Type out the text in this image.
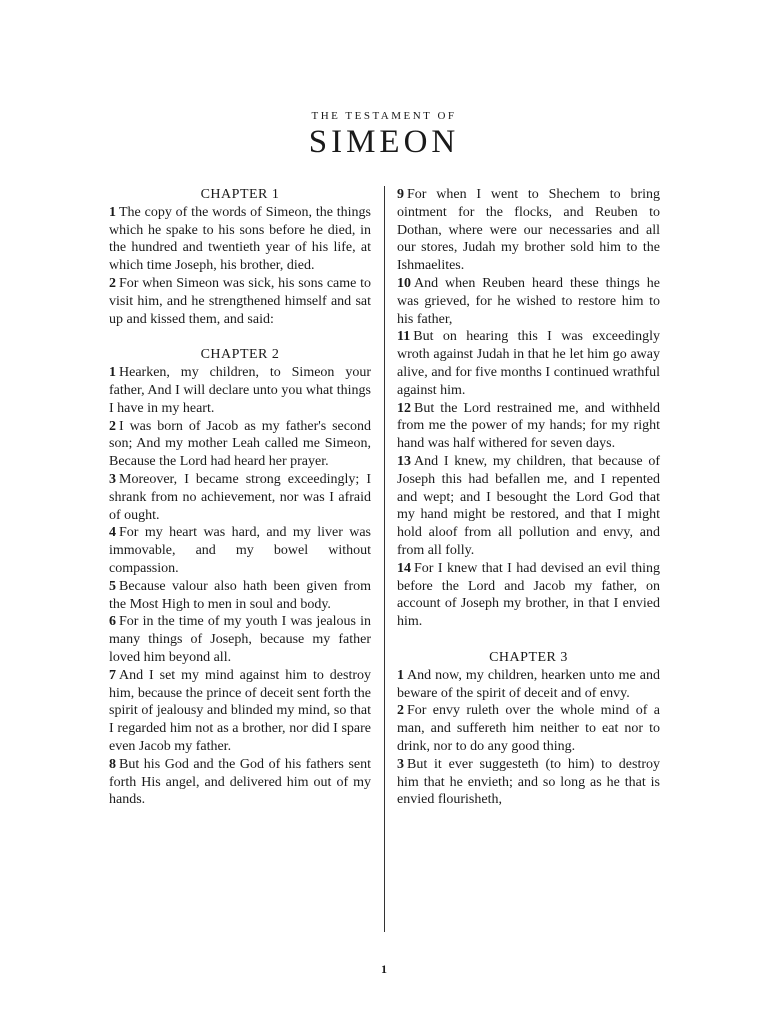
THE TESTAMENT OF
SIMEON

CHAPTER 1

1 The copy of the words of Simeon, the things which he spake to his sons before he died, in the hundred and twentieth year of his life, at which time Joseph, his brother, died.

2 For when Simeon was sick, his sons came to visit him, and he strengthened himself and sat up and kissed them, and said:

CHAPTER 2

1 Hearken, my children, to Simeon your father, And I will declare unto you what things I have in my heart.

2 I was born of Jacob as my father's second son; And my mother Leah called me Simeon, Because the Lord had heard her prayer.

3 Moreover, I became strong exceedingly; I shrank from no achievement, nor was I afraid of ought.

4 For my heart was hard, and my liver was immovable, and my bowel without compassion.

5 Because valour also hath been given from the Most High to men in soul and body.

6 For in the time of my youth I was jealous in many things of Joseph, because my father loved him beyond all.

7 And I set my mind against him to destroy him, because the prince of deceit sent forth the spirit of jealousy and blinded my mind, so that I regarded him not as a brother, nor did I spare even Jacob my father.

8 But his God and the God of his fathers sent forth His angel, and delivered him out of my hands.

9 For when I went to Shechem to bring ointment for the flocks, and Reuben to Dothan, where were our necessaries and all our stores, Judah my brother sold him to the Ishmaelites.

10 And when Reuben heard these things he was grieved, for he wished to restore him to his father,

11 But on hearing this I was exceedingly wroth against Judah in that he let him go away alive, and for five months I continued wrathful against him.

12 But the Lord restrained me, and withheld from me the power of my hands; for my right hand was half withered for seven days.

13 And I knew, my children, that because of Joseph this had befallen me, and I repented and wept; and I besought the Lord God that my hand might be restored, and that I might hold aloof from all pollution and envy, and from all folly.

14 For I knew that I had devised an evil thing before the Lord and Jacob my father, on account of Joseph my brother, in that I envied him.

CHAPTER 3

1 And now, my children, hearken unto me and beware of the spirit of deceit and of envy.

2 For envy ruleth over the whole mind of a man, and suffereth him neither to eat nor to drink, nor to do any good thing.

3 But it ever suggesteth (to him) to destroy him that he envieth; and so long as he that is envied flourisheth,

1
